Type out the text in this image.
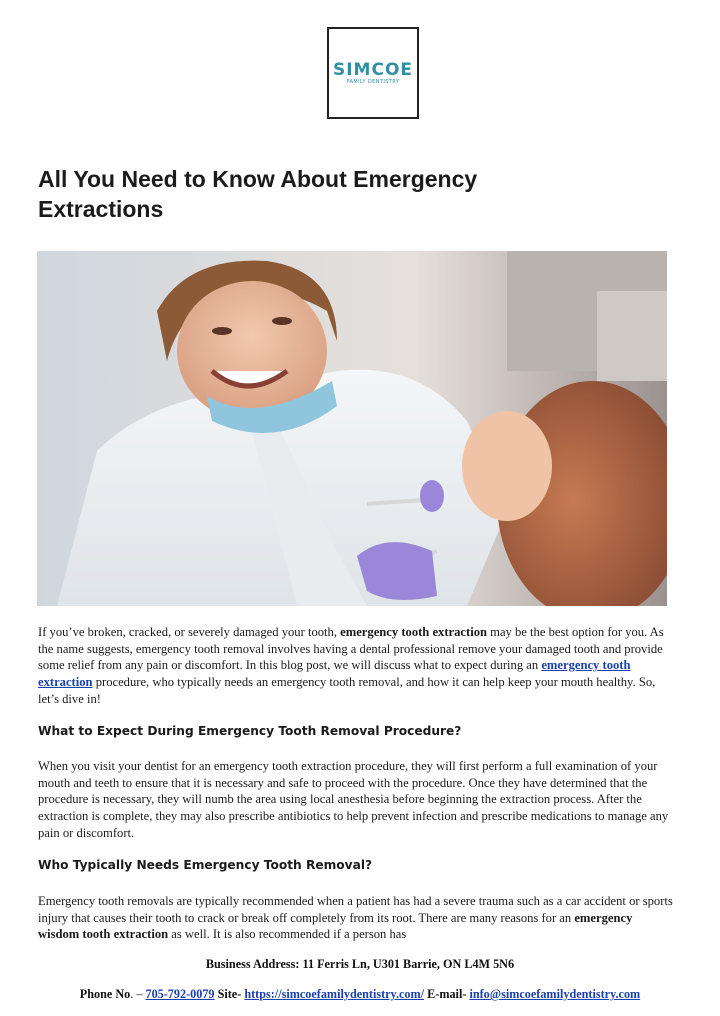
SIMCOE
FAMILY DENTISTRY
All You Need to Know About Emergency Extractions

If you’ve broken, cracked, or severely damaged your tooth, emergency tooth extraction may be the best option for you. As the name suggests, emergency tooth removal involves having a dental professional remove your damaged tooth and provide some relief from any pain or discomfort. In this blog post, we will discuss what to expect during an emergency tooth extraction procedure, who typically needs an emergency tooth removal, and how it can help keep your mouth healthy. So, let’s dive in!

What to Expect During Emergency Tooth Removal Procedure?

When you visit your dentist for an emergency tooth extraction procedure, they will first perform a full examination of your mouth and teeth to ensure that it is necessary and safe to proceed with the procedure. Once they have determined that the procedure is necessary, they will numb the area using local anesthesia before beginning the extraction process. After the extraction is complete, they may also prescribe antibiotics to help prevent infection and prescribe medications to manage any pain or discomfort.

Who Typically Needs Emergency Tooth Removal?

Emergency tooth removals are typically recommended when a patient has had a severe trauma such as a car accident or sports injury that causes their tooth to crack or break off completely from its root. There are many reasons for an emergency wisdom tooth extraction as well. It is also recommended if a person has

Business Address: 11 Ferris Ln, U301 Barrie, ON L4M 5N6
Phone No. – 705-792-0079 Site- https://simcoefamilydentistry.com/ E-mail- info@simcoefamilydentistry.com
